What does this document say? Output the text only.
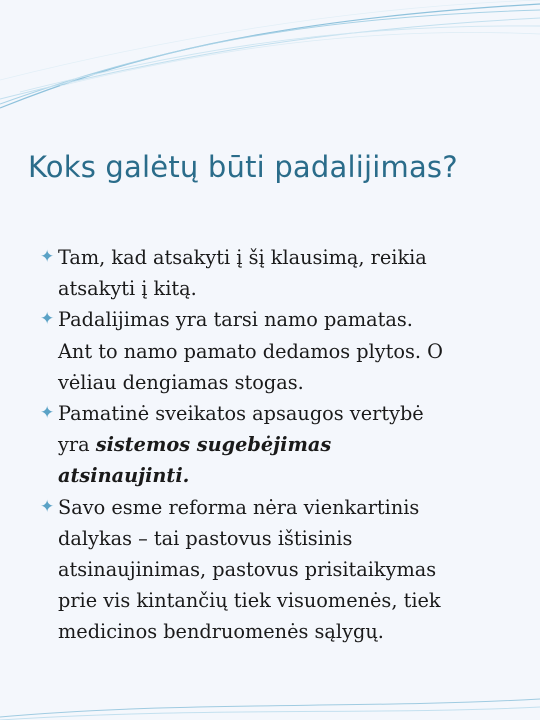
Koks galėtų būti padalijimas?

✦ Tam, kad atsakyti į šį klausimą, reikia
atsakyti į kitą.

✦ Padalijimas yra tarsi namo pamatas.
Ant to namo pamato dedamos plytos. O
vėliau dengiamas stogas.

✦ Pamatinė sveikatos apsaugos vertybė
yra sistemos sugebėjimas
atsinaujinti.

✦ Savo esme reforma nėra vienkartinis
dalykas – tai pastovus ištisinis
atsinaujinimas, pastovus prisitaikymas
prie vis kintančių tiek visuomenės, tiek
medicinos bendruomenės sąlygų.
